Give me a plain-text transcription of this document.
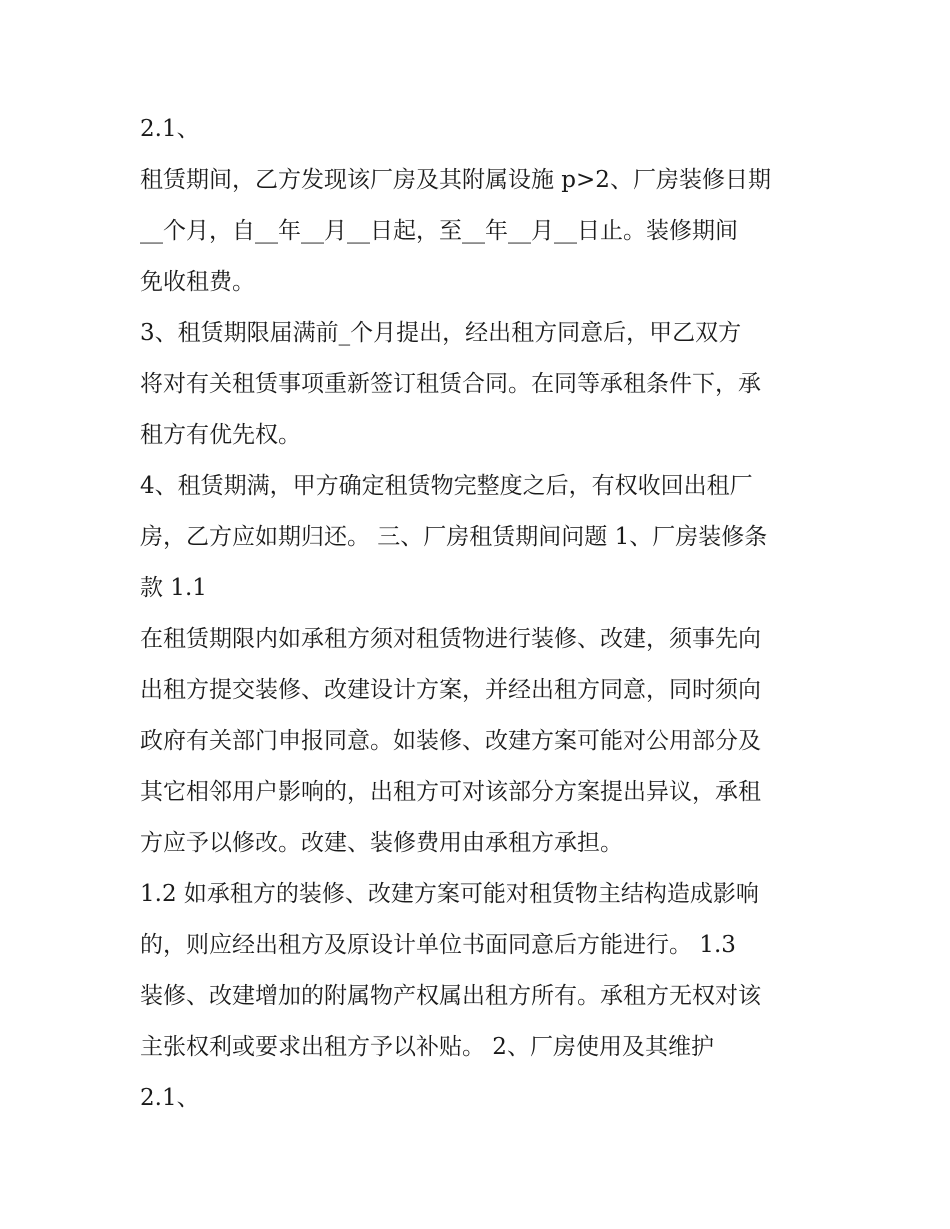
2.1、
租赁期间，乙方发现该厂房及其附属设施 p>2、厂房装修日期
__个月，自__年__月__日起，至__年__月__日止。装修期间
免收租费。
3、租赁期限届满前_个月提出，经出租方同意后，甲乙双方
将对有关租赁事项重新签订租赁合同。在同等承租条件下，承
租方有优先权。
4、租赁期满，甲方确定租赁物完整度之后，有权收回出租厂
房，乙方应如期归还。 三、厂房租赁期间问题 1、厂房装修条
款 1.1
在租赁期限内如承租方须对租赁物进行装修、改建，须事先向
出租方提交装修、改建设计方案，并经出租方同意，同时须向
政府有关部门申报同意。如装修、改建方案可能对公用部分及
其它相邻用户影响的，出租方可对该部分方案提出异议，承租
方应予以修改。改建、装修费用由承租方承担。
1.2 如承租方的装修、改建方案可能对租赁物主结构造成影响
的，则应经出租方及原设计单位书面同意后方能进行。 1.3
装修、改建增加的附属物产权属出租方所有。承租方无权对该
主张权利或要求出租方予以补贴。 2、厂房使用及其维护
2.1、
